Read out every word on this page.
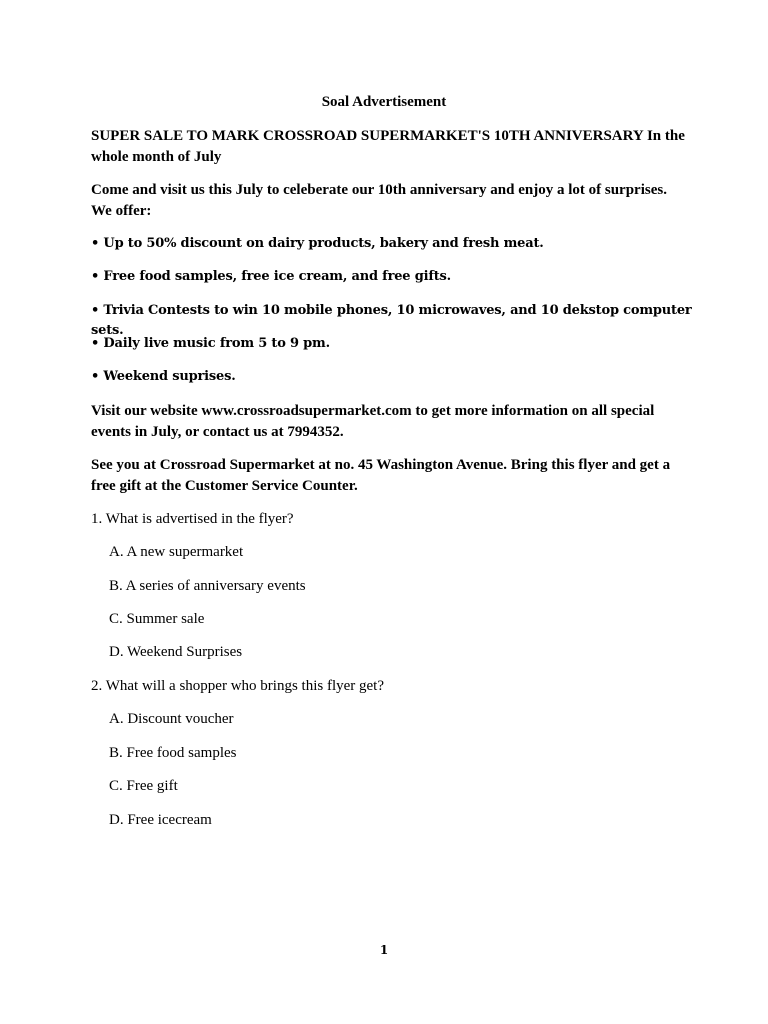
Soal Advertisement
SUPER SALE TO MARK CROSSROAD SUPERMARKET'S 10TH ANNIVERSARY In the whole month of July
Come and visit us this July to celeberate our 10th anniversary and enjoy a lot of surprises. We offer:
• Up to 50% discount on dairy products, bakery and fresh meat.
• Free food samples, free ice cream, and free gifts.
• Trivia Contests to win 10 mobile phones, 10 microwaves, and 10 dekstop computer sets.
• Daily live music from 5 to 9 pm.
• Weekend suprises.
Visit our website www.crossroadsupermarket.com to get more information on all special events in July, or contact us at 7994352.
See you at Crossroad Supermarket at no. 45 Washington Avenue. Bring this flyer and get a free gift at the Customer Service Counter.
1. What is advertised in the flyer?
A. A new supermarket
B. A series of anniversary events
C. Summer sale
D. Weekend Surprises
2. What will a shopper who brings this flyer get?
A. Discount voucher
B. Free food samples
C. Free gift
D. Free icecream
1
